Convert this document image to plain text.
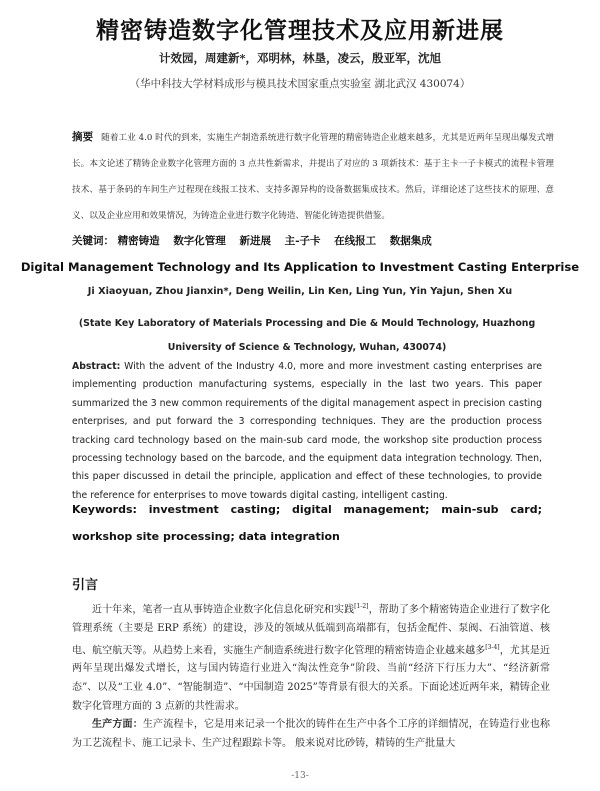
精密铸造数字化管理技术及应用新进展
计效园，周建新*，邓明林，林垦，凌云，殷亚军，沈旭
（华中科技大学材料成形与模具技术国家重点实验室 湖北武汉 430074）
摘要 随着工业 4.0 时代的到来，实施生产制造系统进行数字化管理的精密铸造企业越来越多，尤其是近两年呈现出爆发式增长。本文论述了精铸企业数字化管理方面的 3 点共性新需求，并提出了对应的 3 项新技术：基于主卡一子卡模式的流程卡管理技术、基于条码的车间生产过程现在线报工技术、支持多源异构的设备数据集成技术。然后，详细论述了这些技术的原理、意义、以及企业应用和效果情况，为铸造企业进行数字化铸造、智能化铸造提供借鉴。
关键词： 精密铸造 数字化管理 新进展 主-子卡 在线报工 数据集成
Digital Management Technology and Its Application to Investment Casting Enterprise
Ji Xiaoyuan, Zhou Jianxin*, Deng Weilin, Lin Ken, Ling Yun, Yin Yajun, Shen Xu
(State Key Laboratory of Materials Processing and Die & Mould Technology, Huazhong University of Science & Technology, Wuhan, 430074)
Abstract: With the advent of the Industry 4.0, more and more investment casting enterprises are implementing production manufacturing systems, especially in the last two years. This paper summarized the 3 new common requirements of the digital management aspect in precision casting enterprises, and put forward the 3 corresponding techniques. They are the production process tracking card technology based on the main-sub card mode, the workshop site production process processing technology based on the barcode, and the equipment data integration technology. Then, this paper discussed in detail the principle, application and effect of these technologies, to provide the reference for enterprises to move towards digital casting, intelligent casting.
Keywords: investment casting; digital management; main-sub card; workshop site processing; data integration
引言

近十年来，笔者一直从事铸造企业数字化信息化研究和实践[1-2]，帮助了多个精密铸造企业进行了数字化管理系统（主要是 ERP 系统）的建设，涉及的领域从低端到高端都有，包括金配件、泵阀、石油管道、核电、航空航天等。从趋势上来看，实施生产制造系统进行数字化管理的精密铸造企业越来越多[3-4]，尤其是近两年呈现出爆发式增长，这与国内铸造行业进入“淘汰性竞争”阶段、当前“经济下行压力大”、“经济新常态”、以及“工业 4.0”、“智能制造”、“中国制造 2025”等背景有很大的关系。下面论述近两年来，精铸企业数字化管理方面的 3 点新的共性需求。

生产方面：生产流程卡，它是用来记录一个批次的铸件在生产中各个工序的详细情况，在铸造行业也称为工艺流程卡、施工记录卡、生产过程跟踪卡等。 般来说对比砂铸，精铸的生产批量大

-13-
